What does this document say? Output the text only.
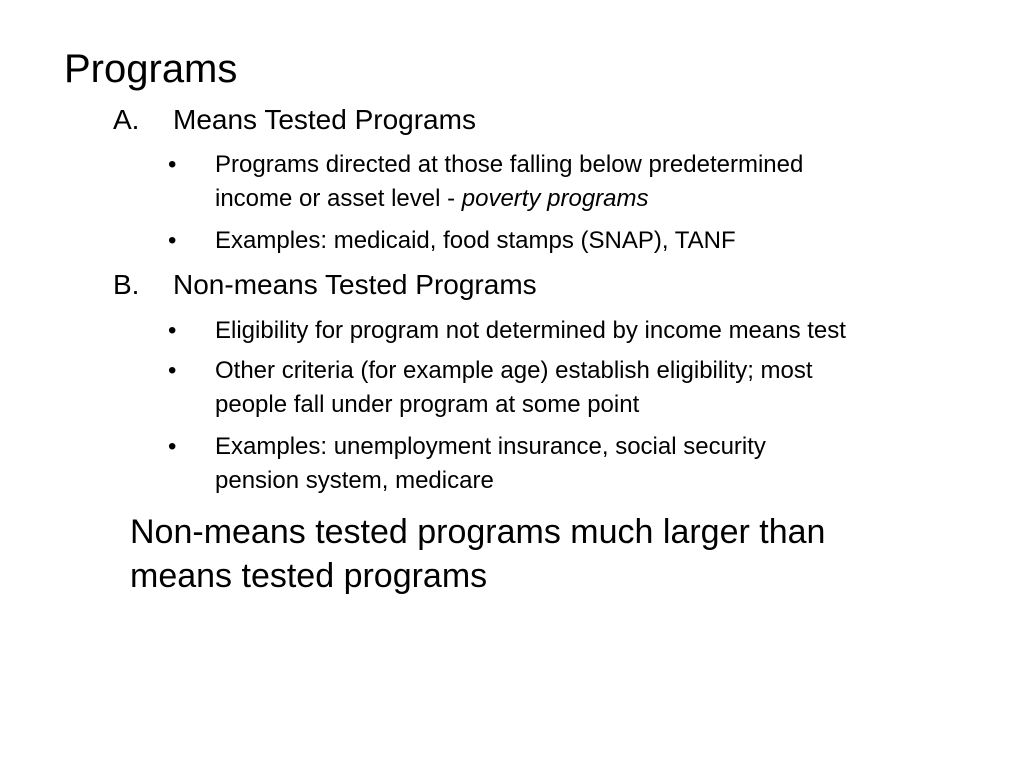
Programs
A. Means Tested Programs
• Programs directed at those falling below predetermined
income or asset level - poverty programs
• Examples: medicaid, food stamps (SNAP), TANF
B. Non-means Tested Programs
• Eligibility for program not determined by income means test
• Other criteria (for example age) establish eligibility; most
people fall under program at some point
• Examples: unemployment insurance, social security
pension system, medicare
Non-means tested programs much larger than
means tested programs
